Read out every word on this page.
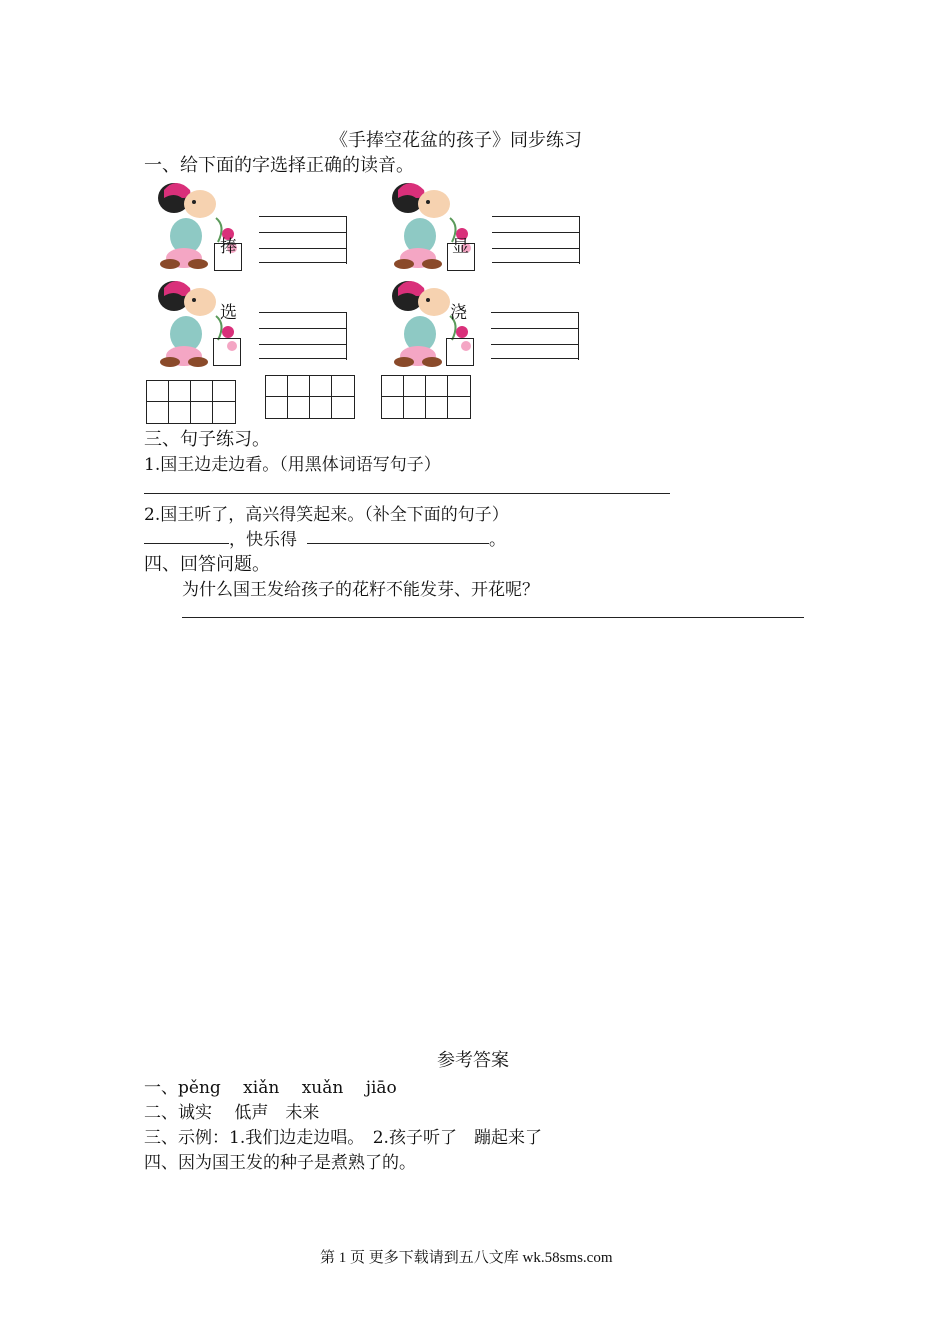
《手捧空花盆的孩子》同步练习
一、给下面的字选择正确的读音。
捧	显
选	浇
三、句子练习。
1.国王边走边看。（用黑体词语写句子）
2.国王听了，高兴得笑起来。（补全下面的句子）
，快乐得	。
四、回答问题。
为什么国王发给孩子的花籽不能发芽、开花呢？
参考答案
一、pěng　 xiǎn　 xuǎn　 jiāo
二、诚实　 低声　未来
三、示例：1.我们边走边唱。　2.孩子听了　蹦起来了
四、因为国王发的种子是煮熟了的。
第 1 页 更多下载请到五八文库 wk.58sms.com
